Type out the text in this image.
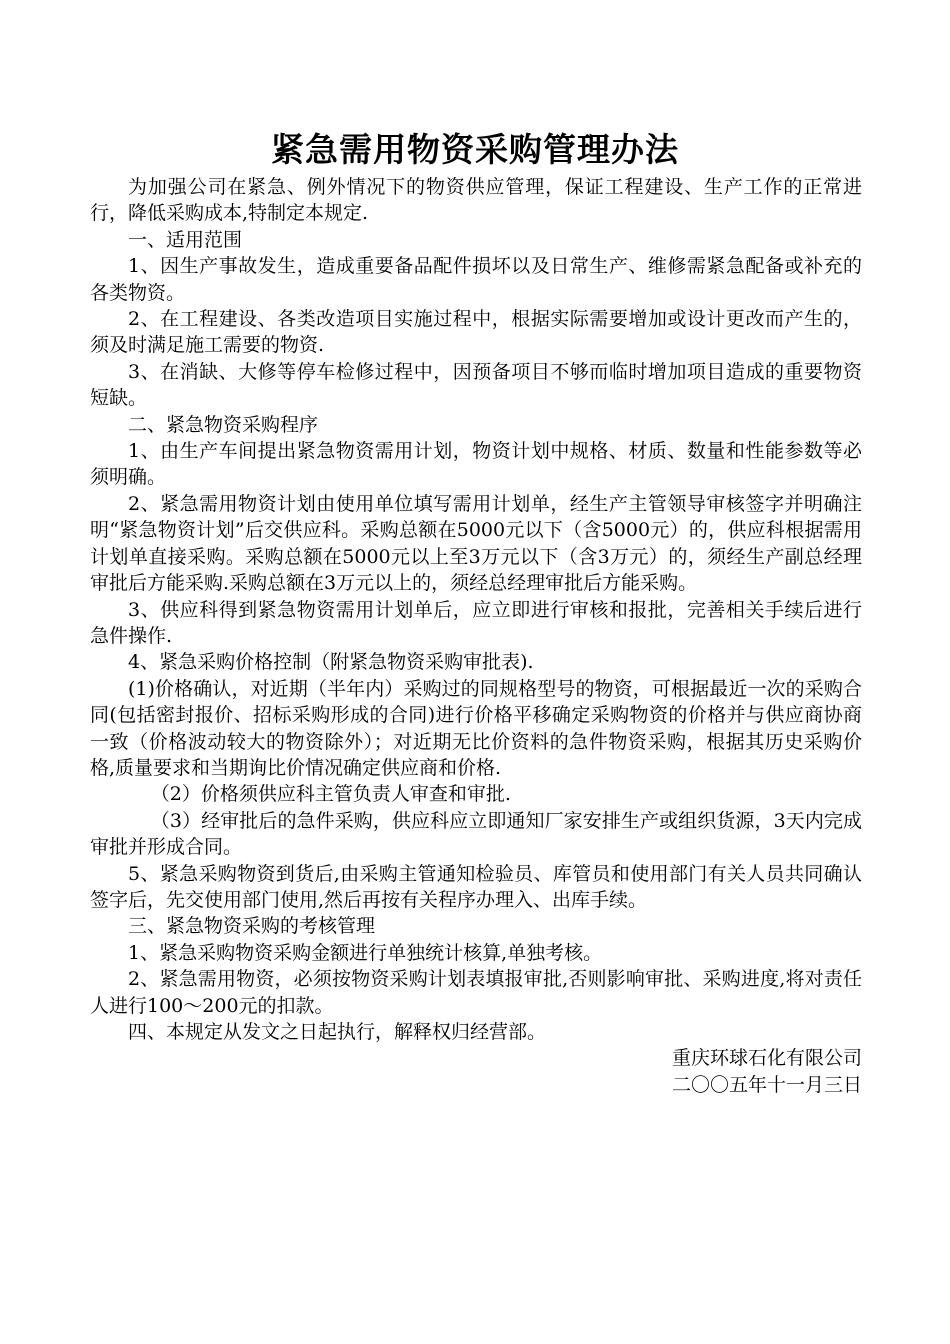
紧急需用物资采购管理办法

为加强公司在紧急、例外情况下的物资供应管理，保证工程建设、生产工作的正常进行，降低采购成本,特制定本规定.

一、适用范围

1、因生产事故发生，造成重要备品配件损坏以及日常生产、维修需紧急配备或补充的各类物资。

2、在工程建设、各类改造项目实施过程中，根据实际需要增加或设计更改而产生的，须及时满足施工需要的物资.

3、在消缺、大修等停车检修过程中，因预备项目不够而临时增加项目造成的重要物资短缺。

二、紧急物资采购程序

1、由生产车间提出紧急物资需用计划，物资计划中规格、材质、数量和性能参数等必须明确。

2、紧急需用物资计划由使用单位填写需用计划单，经生产主管领导审核签字并明确注明“紧急物资计划”后交供应科。采购总额在5000元以下（含5000元）的，供应科根据需用计划单直接采购。采购总额在5000元以上至3万元以下（含3万元）的，须经生产副总经理审批后方能采购.采购总额在3万元以上的，须经总经理审批后方能采购。

3、供应科得到紧急物资需用计划单后，应立即进行审核和报批，完善相关手续后进行急件操作.

4、紧急采购价格控制（附紧急物资采购审批表).

(1)价格确认，对近期（半年内）采购过的同规格型号的物资，可根据最近一次的采购合同(包括密封报价、招标采购形成的合同)进行价格平移确定采购物资的价格并与供应商协商一致（价格波动较大的物资除外）；对近期无比价资料的急件物资采购，根据其历史采购价格,质量要求和当期询比价情况确定供应商和价格.

（2）价格须供应科主管负责人审查和审批.

（3）经审批后的急件采购，供应科应立即通知厂家安排生产或组织货源，3天内完成审批并形成合同。

5、紧急采购物资到货后,由采购主管通知检验员、库管员和使用部门有关人员共同确认签字后，先交使用部门使用,然后再按有关程序办理入、出库手续。

三、紧急物资采购的考核管理

1、紧急采购物资采购金额进行单独统计核算,单独考核。

2、紧急需用物资，必须按物资采购计划表填报审批,否则影响审批、采购进度,将对责任人进行100～200元的扣款。

四、本规定从发文之日起执行，解释权归经营部。

重庆环球石化有限公司

二〇〇五年十一月三日
